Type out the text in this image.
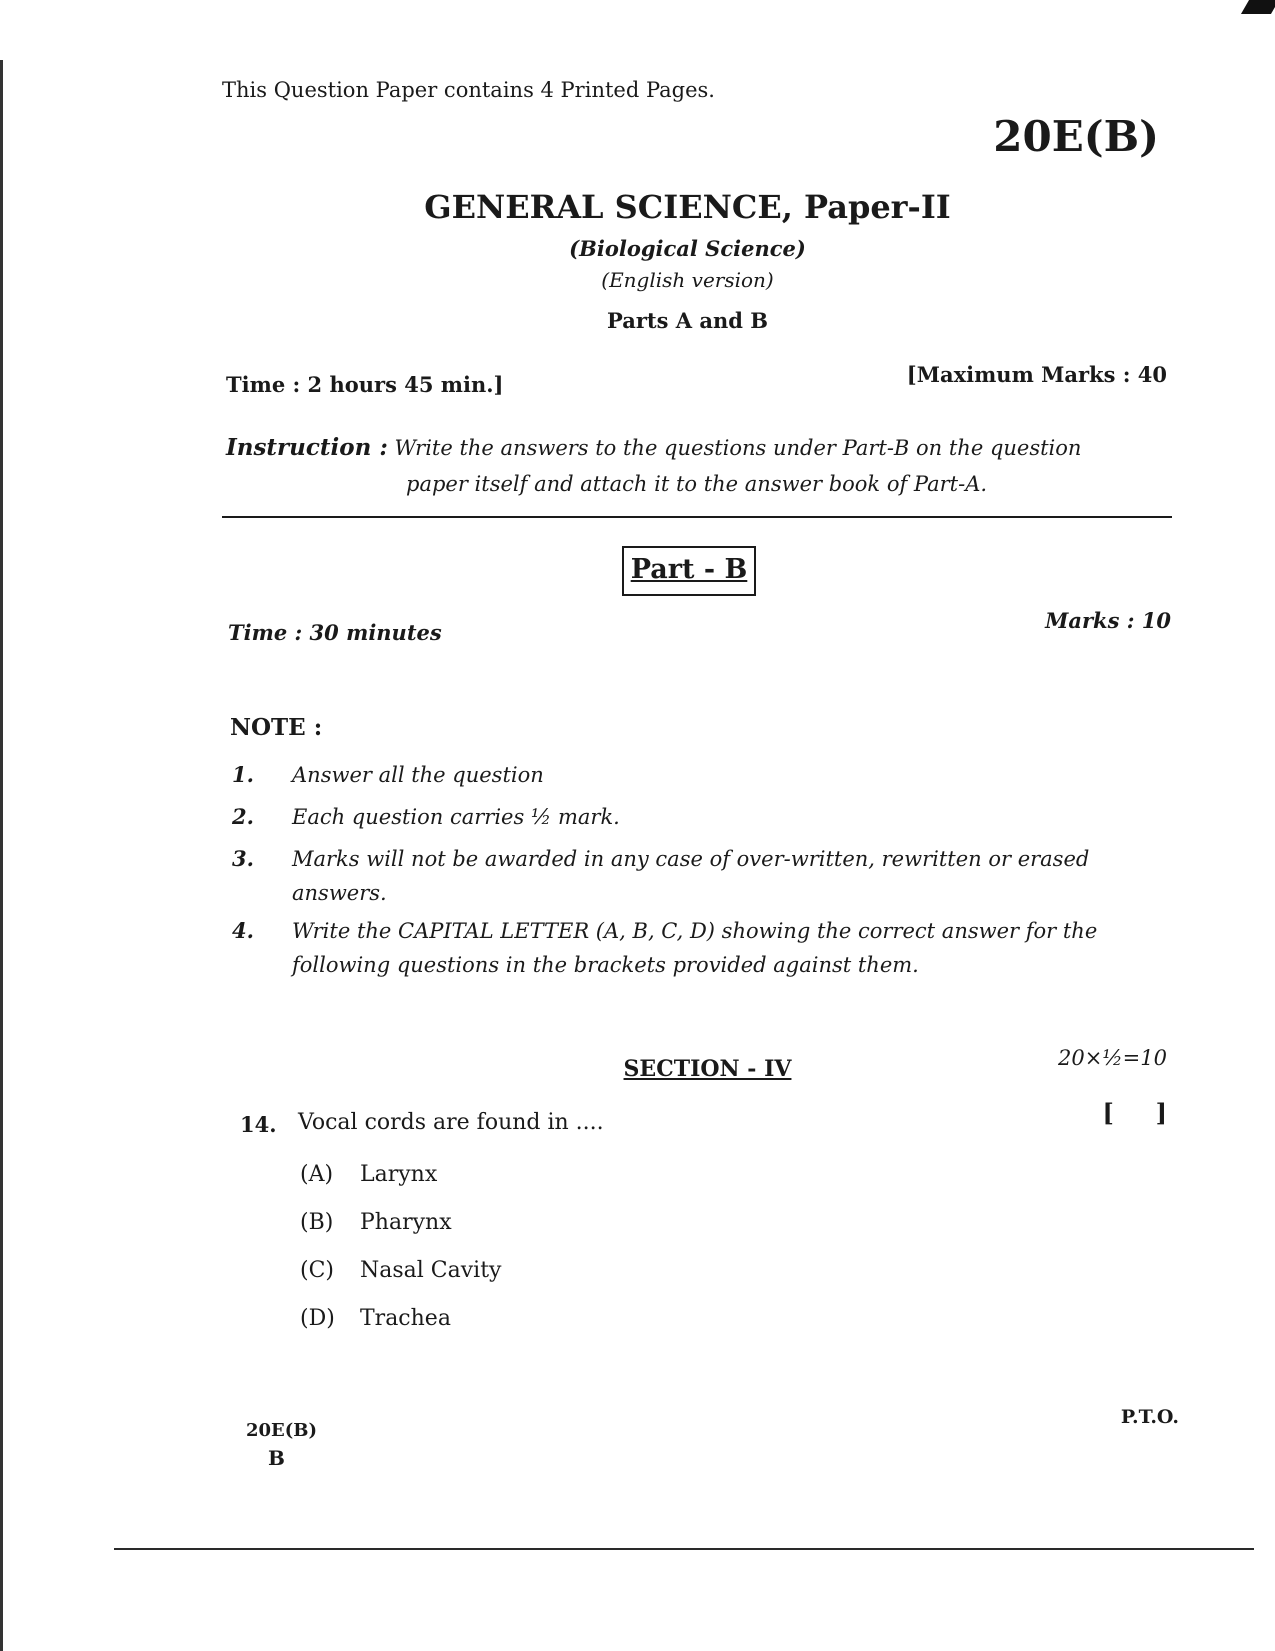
This Question Paper contains 4 Printed Pages.
20E(B)
GENERAL SCIENCE, Paper-II
(Biological Science)
(English version)
Parts A and B
Time : 2 hours 45 min.]	[Maximum Marks : 40
Instruction : Write the answers to the questions under Part-B on the question
paper itself and attach it to the answer book of Part-A.
Part - B
Time : 30 minutes	Marks : 10
NOTE :
1. Answer all the question
2. Each question carries ½ mark.
3. Marks will not be awarded in any case of over-written, rewritten or erased answers.
4. Write the CAPITAL LETTER (A, B, C, D) showing the correct answer for the following questions in the brackets provided against them.
SECTION - IV	20×½=10
14. Vocal cords are found in ....	[     ]
(A) Larynx
(B) Pharynx
(C) Nasal Cavity
(D) Trachea
20E(B)
B
P.T.O.
